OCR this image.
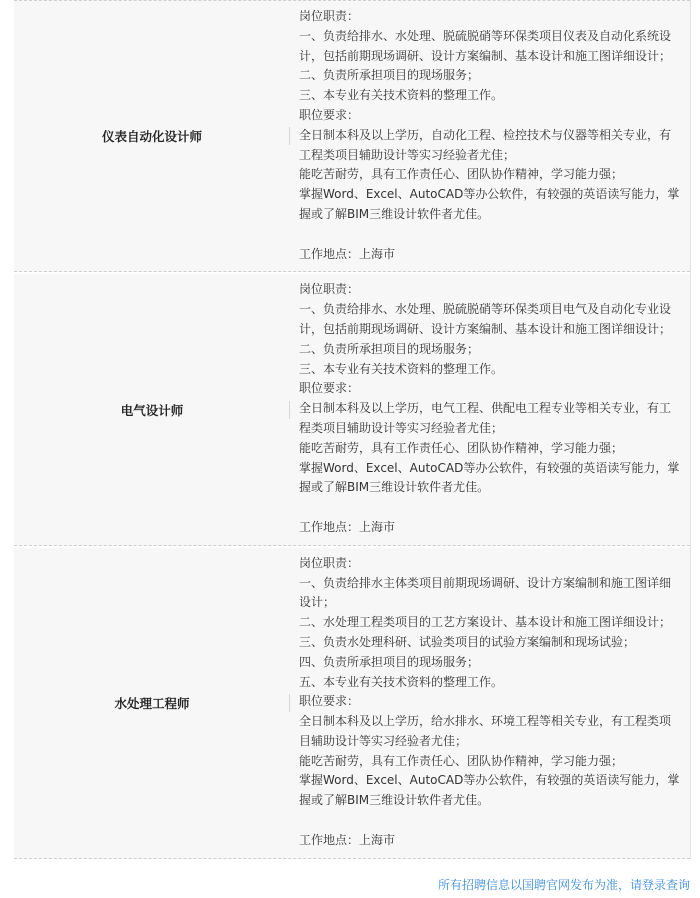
仪表自动化设计师
岗位职责：
一、负责给排水、水处理、脱硫脱硝等环保类项目仪表及自动化系统设计，包括前期现场调研、设计方案编制、基本设计和施工图详细设计；
二、负责所承担项目的现场服务；
三、本专业有关技术资料的整理工作。
职位要求：
全日制本科及以上学历，自动化工程、检控技术与仪器等相关专业，有工程类项目辅助设计等实习经验者尤佳；
能吃苦耐劳，具有工作责任心、团队协作精神，学习能力强；
掌握Word、Excel、AutoCAD等办公软件，有较强的英语读写能力，掌握或了解BIM三维设计软件者尤佳。
工作地点：上海市
电气设计师
岗位职责：
一、负责给排水、水处理、脱硫脱硝等环保类项目电气及自动化专业设计，包括前期现场调研、设计方案编制、基本设计和施工图详细设计；
二、负责所承担项目的现场服务；
三、本专业有关技术资料的整理工作。
职位要求：
全日制本科及以上学历，电气工程、供配电工程专业等相关专业，有工程类项目辅助设计等实习经验者尤佳；
能吃苦耐劳，具有工作责任心、团队协作精神，学习能力强；
掌握Word、Excel、AutoCAD等办公软件，有较强的英语读写能力，掌握或了解BIM三维设计软件者尤佳。
工作地点：上海市
水处理工程师
岗位职责：
一、负责给排水主体类项目前期现场调研、设计方案编制和施工图详细设计；
二、水处理工程类项目的工艺方案设计、基本设计和施工图详细设计；
三、负责水处理科研、试验类项目的试验方案编制和现场试验；
四、负责所承担项目的现场服务；
五、本专业有关技术资料的整理工作。
职位要求：
全日制本科及以上学历，给水排水、环境工程等相关专业，有工程类项目辅助设计等实习经验者尤佳；
能吃苦耐劳，具有工作责任心、团队协作精神，学习能力强；
掌握Word、Excel、AutoCAD等办公软件，有较强的英语读写能力，掌握或了解BIM三维设计软件者尤佳。
工作地点：上海市
所有招聘信息以国聘官网发布为准，请登录查询
